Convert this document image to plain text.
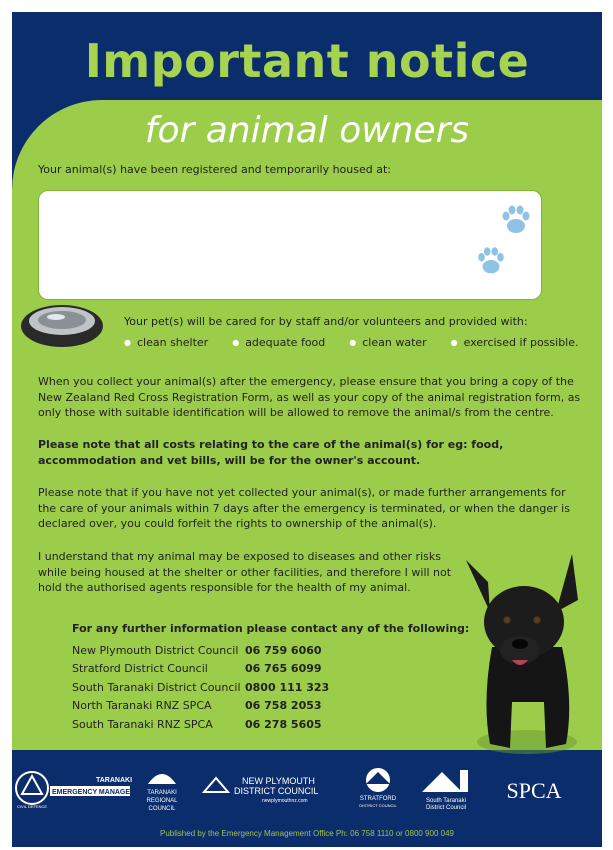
Important notice
for animal owners
Your animal(s) have been registered and temporarily housed at:
Your pet(s) will be cared for by staff and/or volunteers and provided with:
● clean shelter	● adequate food	● clean water	● exercised if possible.
When you collect your animal(s) after the emergency, please ensure that you bring a copy of the New Zealand Red Cross Registration Form, as well as your copy of the animal registration form, as only those with suitable identification will be allowed to remove the animal/s from the centre.
Please note that all costs relating to the care of the animal(s) for eg: food, accommodation and vet bills, will be for the owner's account.
Please note that if you have not yet collected your animal(s), or made further arrangements for the care of your animals within 7 days after the emergency is terminated, or when the danger is declared over, you could forfeit the rights to ownership of the animal(s).
I understand that my animal may be exposed to diseases and other risks while being housed at the shelter or other facilities, and therefore I will not hold the authorised agents responsible for the health of my animal.
For any further information please contact any of the following:
New Plymouth District Council 06 759 6060
Stratford District Council	06 765 6099
South Taranaki District Council 0800 111 323
North Taranaki RNZ SPCA	06 758 2053
South Taranaki RNZ SPCA	06 278 5605
CIVIL DEFENCE
TARANAKI
EMERGENCY MANAGEMENT
TARANAKI
REGIONAL
COUNCIL
NEW PLYMOUTH
DISTRICT COUNCIL
newplymouthnz.com	STRATFORD
DISTRICT COUNCIL
South Taranaki
District Council
SPCA
Published by the Emergency Management Office Ph: 06 758 1110 or 0800 900 049
